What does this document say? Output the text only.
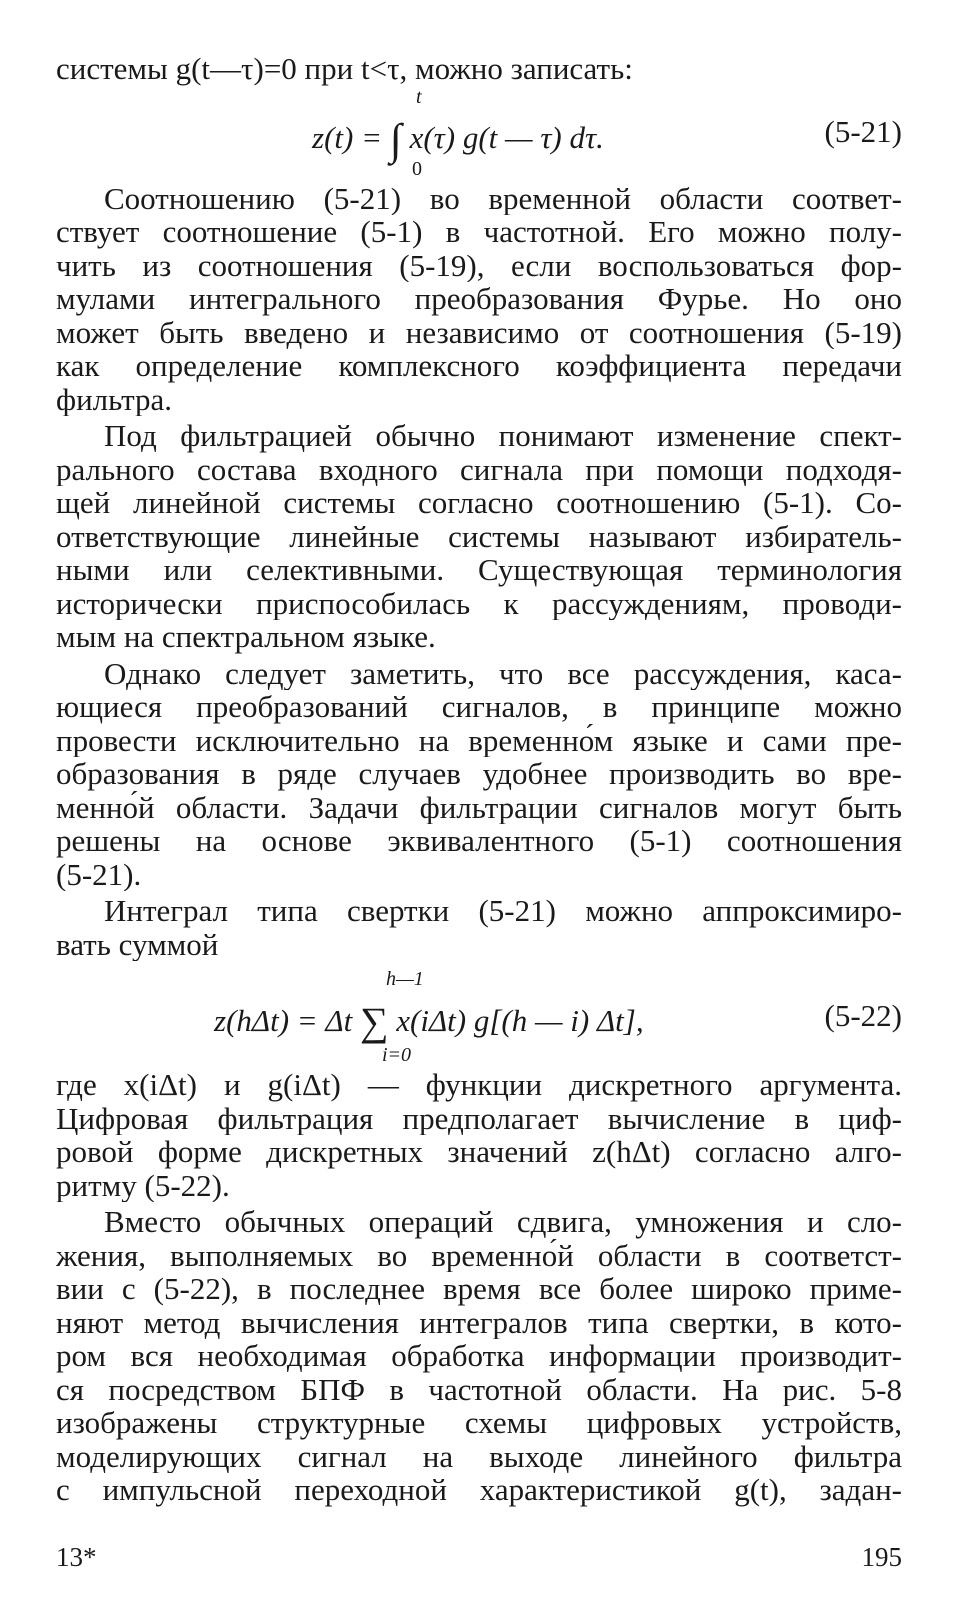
системы g(t—τ)=0 при t<τ, можно записать:
t
z(t) = ∫ x(τ) g(t — τ) dτ.
0
(5-21)
Соотношению (5-21) во временной области соответ-
ствует соотношение (5-1) в частотной. Его можно полу-
чить из соотношения (5-19), если воспользоваться фор-
мулами интегрального преобразования Фурье. Но оно
может быть введено и независимо от соотношения (5-19)
как определение комплексного коэффициента передачи
фильтра.
Под фильтрацией обычно понимают изменение спект-
рального состава входного сигнала при помощи подходя-
щей линейной системы согласно соотношению (5-1). Со-
ответствующие линейные системы называют избиратель-
ными или селективными. Существующая терминология
исторически приспособилась к рассуждениям, проводи-
мым на спектральном языке.
Однако следует заметить, что все рассуждения, каса-
ющиеся преобразований сигналов, в принципе можно
провести исключительно на временно́м языке и сами пре-
образования в ряде случаев удобнее производить во вре-
менно́й области. Задачи фильтрации сигналов могут быть
решены на основе эквивалентного (5-1) соотношения
(5-21).
Интеграл типа свертки (5-21) можно аппроксимиро-
вать суммой
h—1
z(hΔt) = Δt ∑ x(iΔt) g[(h — i) Δt],
i=0
(5-22)
где x(iΔt) и g(iΔt) — функции дискретного аргумента.
Цифровая фильтрация предполагает вычисление в циф-
ровой форме дискретных значений z(hΔt) согласно алго-
ритму (5-22).
Вместо обычных операций сдвига, умножения и сло-
жения, выполняемых во временно́й области в соответст-
вии с (5-22), в последнее время все более широко приме-
няют метод вычисления интегралов типа свертки, в кото-
ром вся необходимая обработка информации производит-
ся посредством БПФ в частотной области. На рис. 5-8
изображены структурные схемы цифровых устройств,
моделирующих сигнал на выходе линейного фильтра
с импульсной переходной характеристикой g(t), задан-
13*	195
